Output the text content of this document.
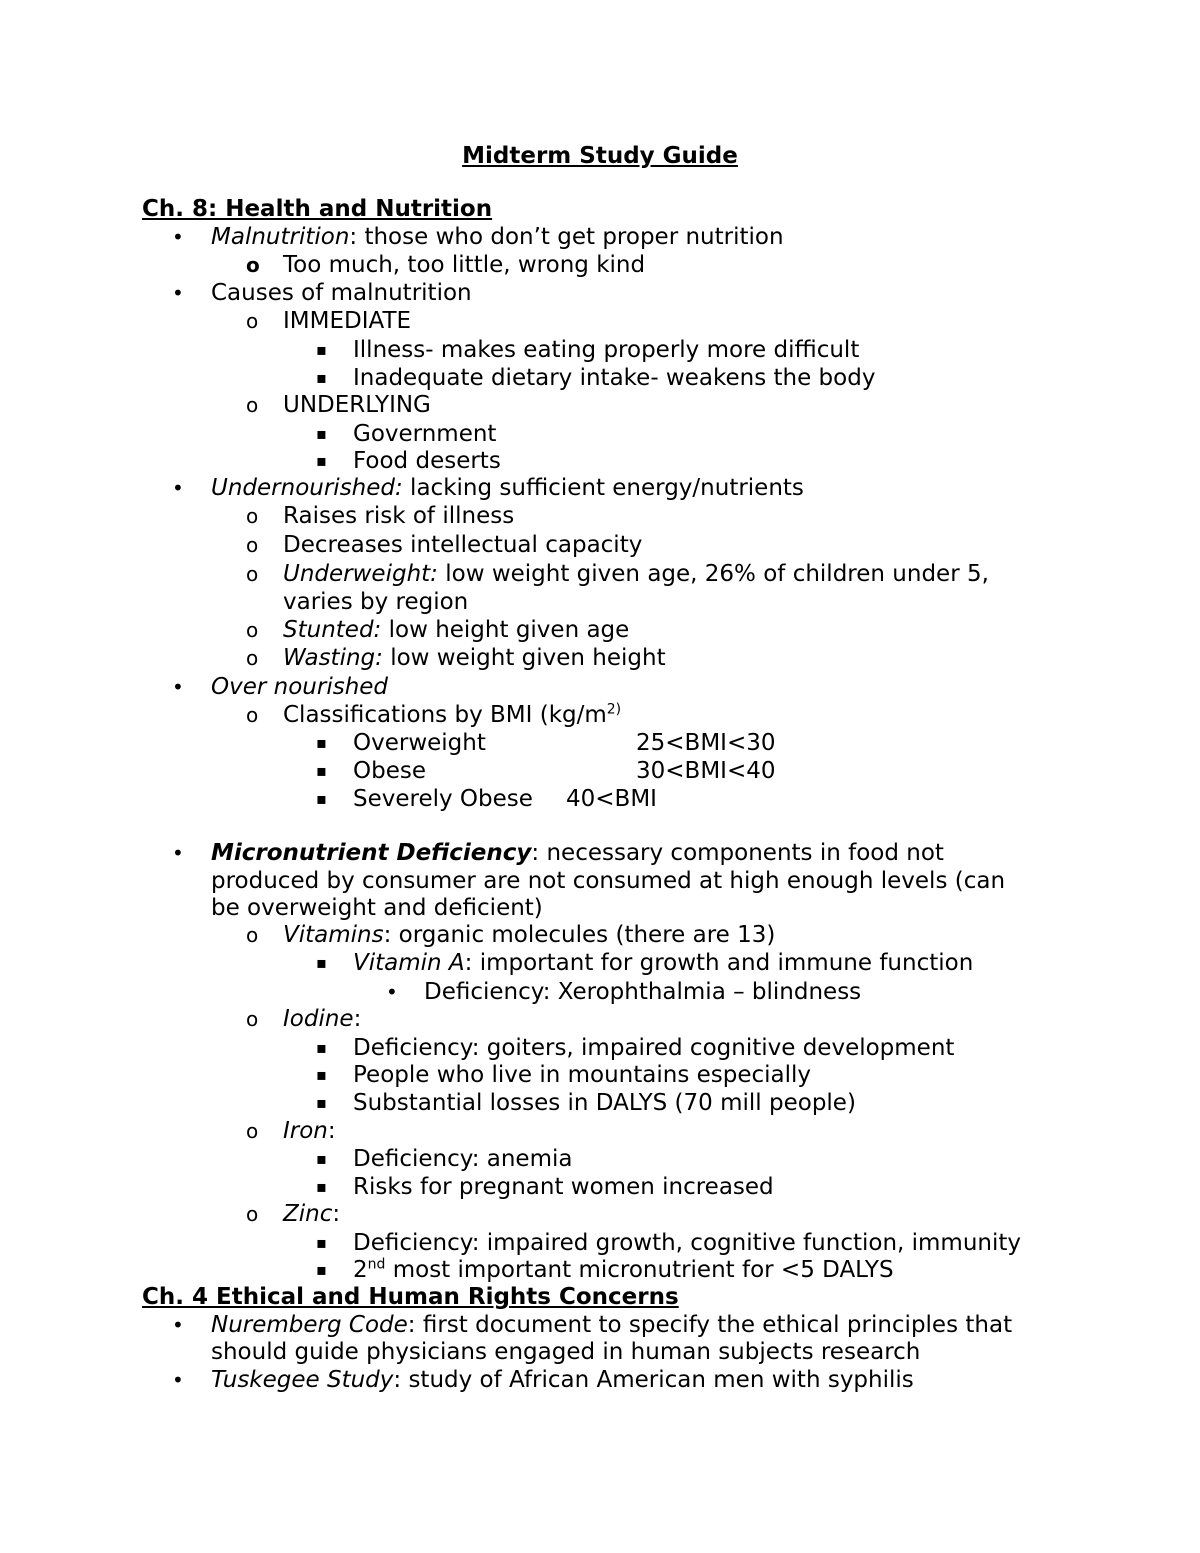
Midterm Study Guide
Ch. 8: Health and Nutrition
• Malnutrition: those who don’t get proper nutrition
o Too much, too little, wrong kind
• Causes of malnutrition
o IMMEDIATE
▪ Illness- makes eating properly more difficult
▪ Inadequate dietary intake- weakens the body
o UNDERLYING
▪ Government
▪ Food deserts
• Undernourished: lacking sufficient energy/nutrients
o Raises risk of illness
o Decreases intellectual capacity
o Underweight: low weight given age, 26% of children under 5,
varies by region
o Stunted: low height given age
o Wasting: low weight given height
• Over nourished
o Classifications by BMI ($kg/m^{2)}$
▪ Overweight	25<BMI<30
▪ Obese	30<BMI<40
▪ Severely Obese 40<BMI
• Micronutrient Deficiency: necessary components in food not
produced by consumer are not consumed at high enough levels (can
be overweight and deficient)
o Vitamins: organic molecules (there are 13)
▪ Vitamin A: important for growth and immune function
• Deficiency: Xerophthalmia – blindness
o Iodine:
▪ Deficiency: goiters, impaired cognitive development
▪ People who live in mountains especially
▪ Substantial losses in DALYS (70 mill people)
o Iron:
▪ Deficiency: anemia
▪ Risks for pregnant women increased
o Zinc:
▪ Deficiency: impaired growth, cognitive function, immunity
▪ 2nd most important micronutrient for <5 DALYS
Ch. 4 Ethical and Human Rights Concerns
• Nuremberg Code: first document to specify the ethical principles that
should guide physicians engaged in human subjects research
• Tuskegee Study: study of African American men with syphilis
